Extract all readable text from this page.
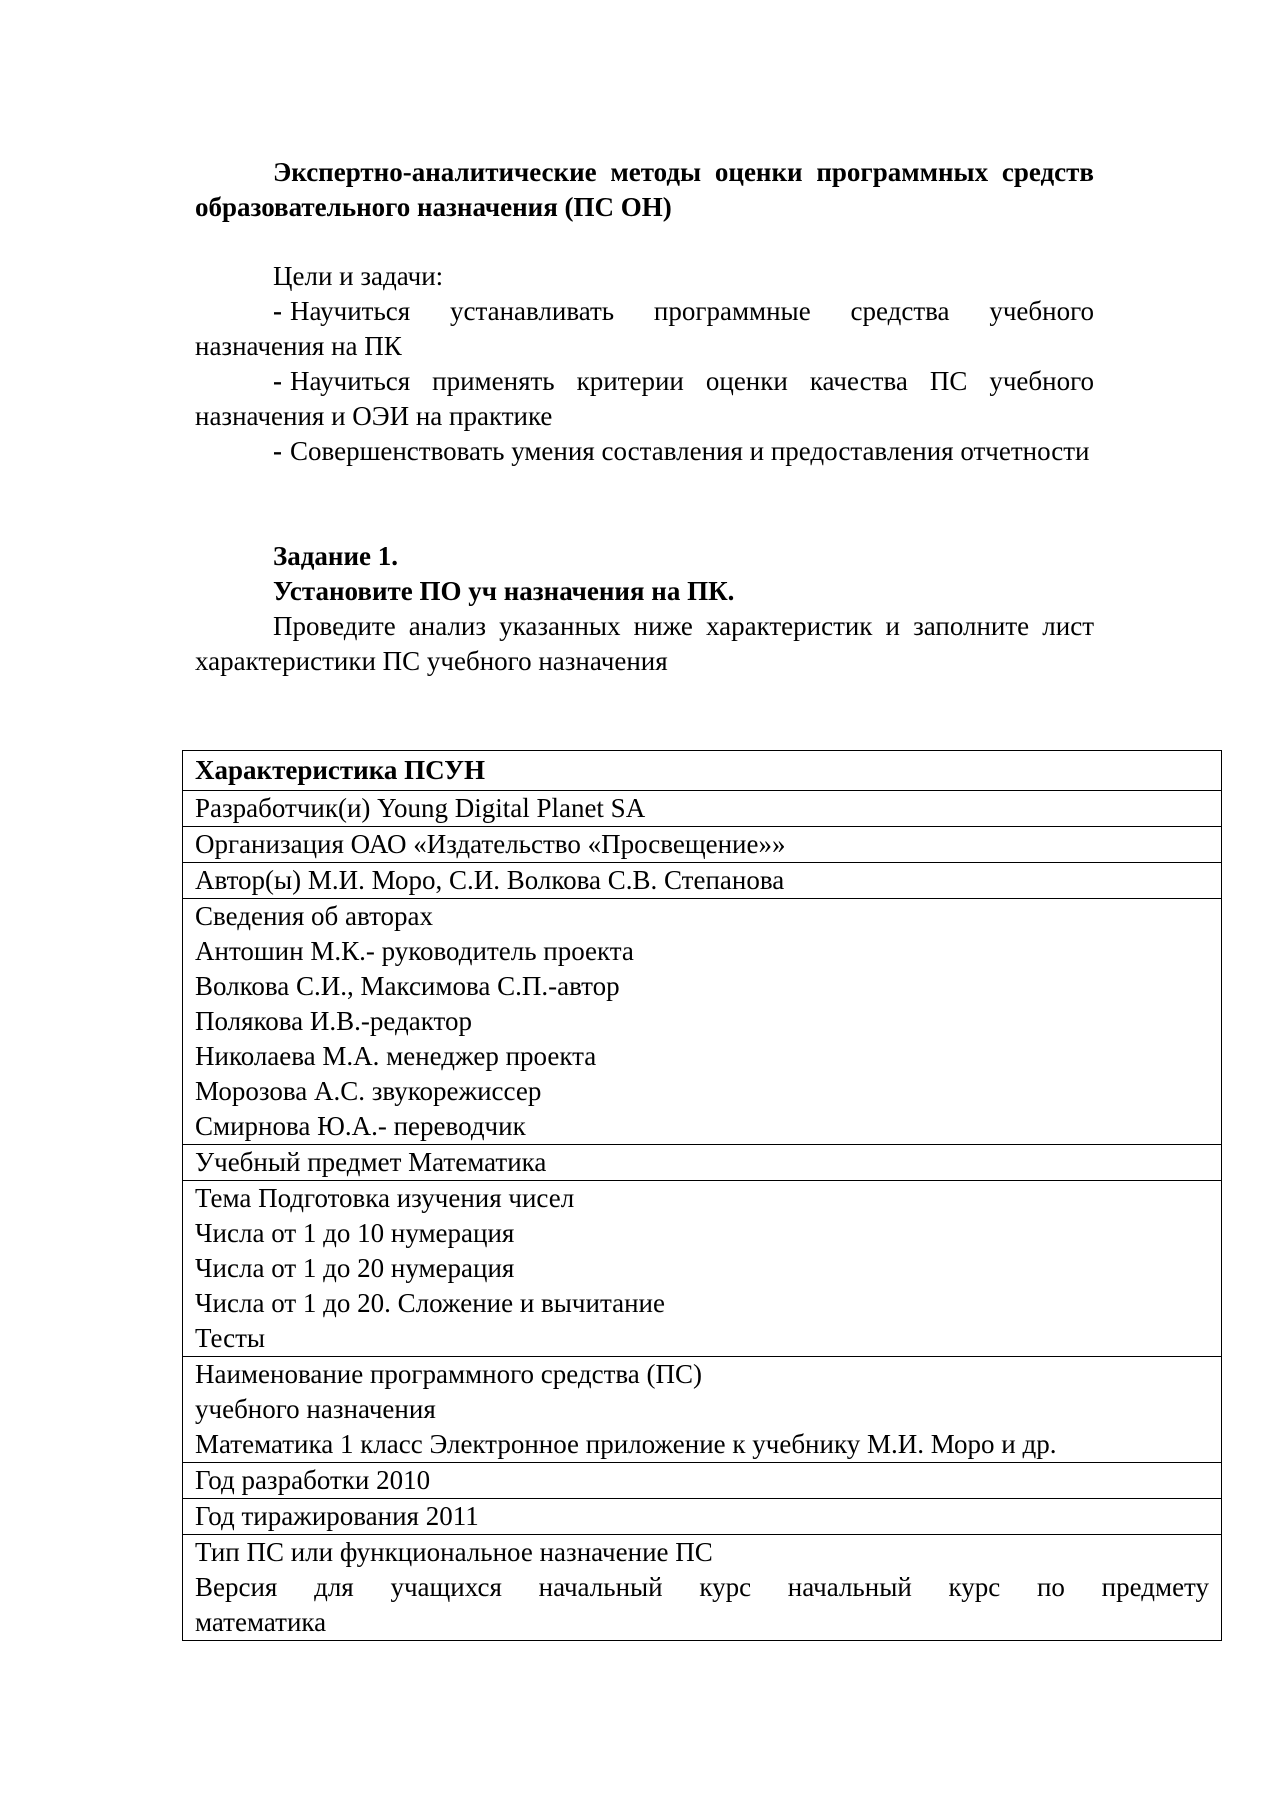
Экспертно-аналитические методы оценки программных средств образовательного назначения (ПС ОН)

Цели и задачи:

- Научиться устанавливать программные средства учебного назначения на ПК

- Научиться применять критерии оценки качества ПС учебного назначения и ОЭИ на практике

- Совершенствовать умения составления и предоставления отчетности

Задание 1.

Установите ПО уч назначения на ПК.

Проведите анализ указанных ниже характеристик и заполните лист характеристики ПС учебного назначения

Характеристика ПСУН
Разработчик(и) Young Digital Planet SA
Организация ОАО «Издательство «Просвещение»»
Автор(ы) М.И. Моро, С.И. Волкова С.В. Степанова

Сведения об авторах
Антошин М.К.- руководитель проекта
Волкова С.И., Максимова С.П.-автор
Полякова И.В.-редактор
Николаева М.А. менеджер проекта
Морозова А.С. звукорежиссер
Смирнова Ю.А.- переводчик

Учебный предмет Математика

Тема Подготовка изучения чисел
Числа от 1 до 10 нумерация
Числа от 1 до 20 нумерация
Числа от 1 до 20. Сложение и вычитание
Тесты

Наименование программного средства (ПС)
учебного назначения
Математика 1 класс Электронное приложение к учебнику М.И. Моро и др.

Год разработки 2010
Год тиражирования 2011

Тип ПС или функциональное назначение ПС
Версия для учащихся начальный курс начальный курс по предмету
математика
